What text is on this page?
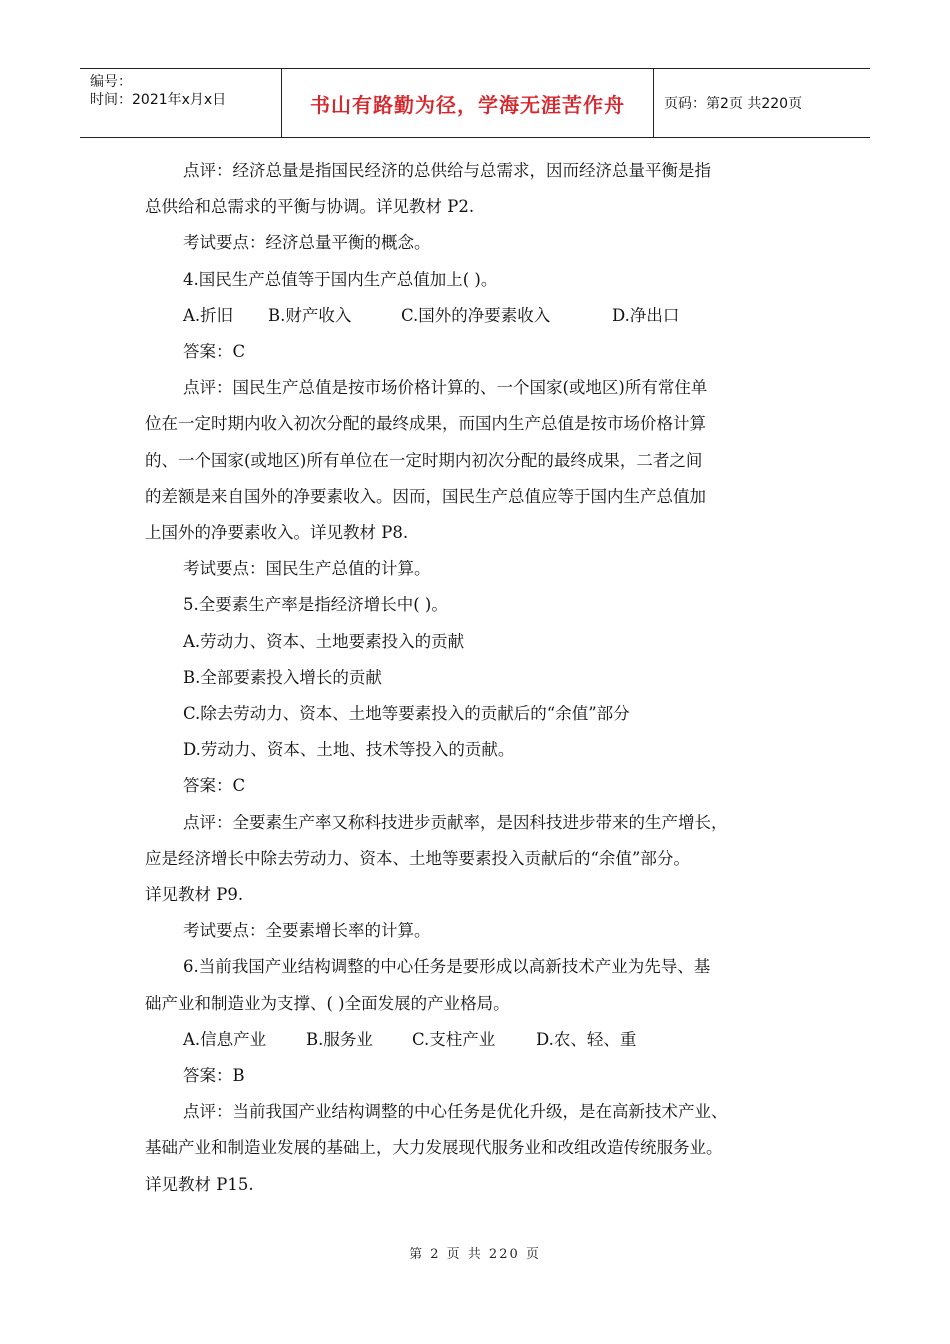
编号：
时间：2021年x月x日	书山有路勤为径，学海无涯苦作舟	页码：第2页 共220页

点评：经济总量是指国民经济的总供给与总需求，因而经济总量平衡是指

总供给和总需求的平衡与协调。详见教材 P2.

考试要点：经济总量平衡的概念。

4.国民生产总值等于国内生产总值加上( )。

A.折旧 B.财产收入	C.国外的净要素收入	D.净出口

答案：C

点评：国民生产总值是按市场价格计算的、一个国家(或地区)所有常住单

位在一定时期内收入初次分配的最终成果，而国内生产总值是按市场价格计算

的、一个国家(或地区)所有单位在一定时期内初次分配的最终成果，二者之间

的差额是来自国外的净要素收入。因而，国民生产总值应等于国内生产总值加

上国外的净要素收入。详见教材 P8.

考试要点：国民生产总值的计算。

5.全要素生产率是指经济增长中( )。

A.劳动力、资本、土地要素投入的贡献

B.全部要素投入增长的贡献

C.除去劳动力、资本、土地等要素投入的贡献后的“余值”部分

D.劳动力、资本、土地、技术等投入的贡献。

答案：C

点评：全要素生产率又称科技进步贡献率，是因科技进步带来的生产增长，

应是经济增长中除去劳动力、资本、土地等要素投入贡献后的“余值”部分。

详见教材 P9.

考试要点：全要素增长率的计算。

6.当前我国产业结构调整的中心任务是要形成以高新技术产业为先导、基

础产业和制造业为支撑、( )全面发展的产业格局。

A.信息产业 B.服务业 C.支柱产业 D.农、轻、重

答案：B

点评：当前我国产业结构调整的中心任务是优化升级，是在高新技术产业、

基础产业和制造业发展的基础上，大力发展现代服务业和改组改造传统服务业。

详见教材 P15.

第 2 页 共 220 页
